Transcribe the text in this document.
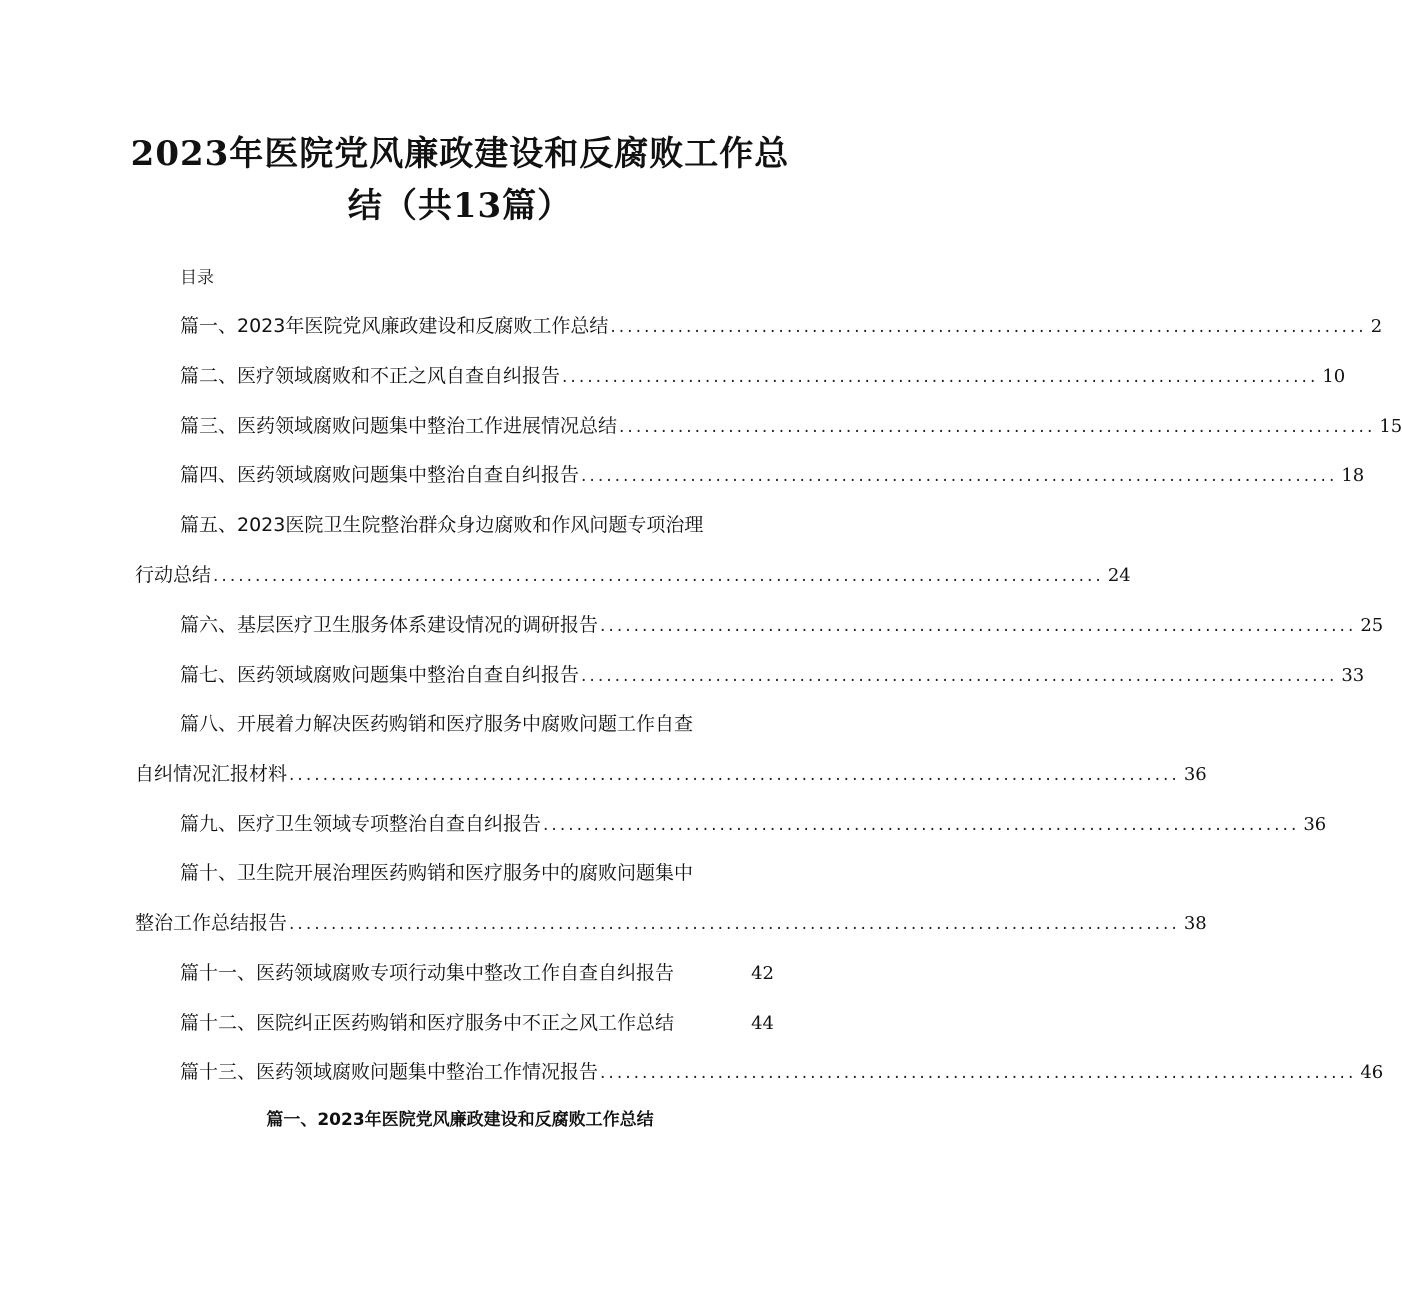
2023年医院党风廉政建设和反腐败工作总
结（共13篇）
目录
篇一、2023年医院党风廉政建设和反腐败工作总结 .......................................................................................... 2
篇二、医疗领域腐败和不正之风自查自纠报告 .......................................................................................... 10
篇三、医药领域腐败问题集中整治工作进展情况总结 .......................................................................................... 15
篇四、医药领域腐败问题集中整治自查自纠报告 .......................................................................................... 18
篇五、2023医院卫生院整治群众身边腐败和作风问题专项治理
行动总结 .......................................................................................................... 24
篇六、基层医疗卫生服务体系建设情况的调研报告 .......................................................................................... 25
篇七、医药领域腐败问题集中整治自查自纠报告 .......................................................................................... 33
篇八、开展着力解决医药购销和医疗服务中腐败问题工作自查
自纠情况汇报材料 .......................................................................................................... 36
篇九、医疗卫生领域专项整治自查自纠报告 .......................................................................................... 36
篇十、卫生院开展治理医药购销和医疗服务中的腐败问题集中
整治工作总结报告 .......................................................................................................... 38
篇十一、医药领域腐败专项行动集中整改工作自查自纠报告	42
篇十二、医院纠正医药购销和医疗服务中不正之风工作总结	44
篇十三、医药领域腐败问题集中整治工作情况报告 .......................................................................................... 46
篇一、2023年医院党风廉政建设和反腐败工作总结
